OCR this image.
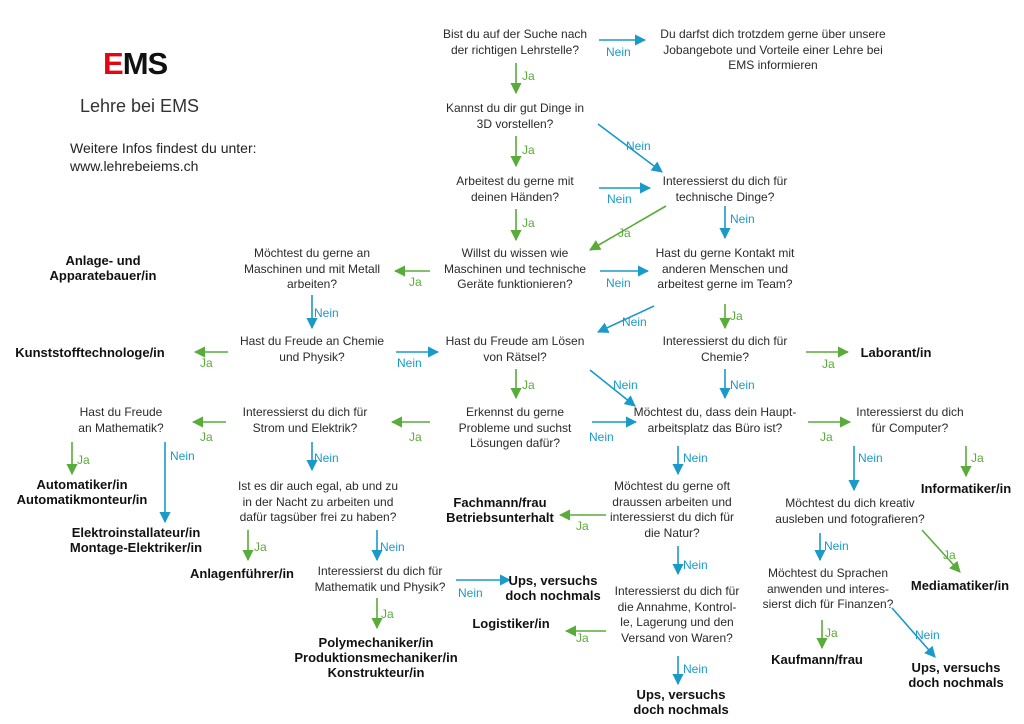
EMS
Lehre bei EMS
Weitere Infos findest du unter:
www.lehrebeiems.ch
Bist du auf der Suche nach
der richtigen Lehrstelle?
Du darfst dich trotzdem gerne über unsere
Jobangebote und Vorteile einer Lehre bei
EMS informieren
Kannst du dir gut Dinge in
3D vorstellen?
Arbeitest du gerne mit
deinen Händen?
Interessierst du dich für
technische Dinge?
Willst du wissen wie
Maschinen und technische
Geräte funktionieren?
Hast du gerne Kontakt mit
anderen Menschen und
arbeitest gerne im Team?
Möchtest du gerne an
Maschinen und mit Metall
arbeiten?
Hast du Freude an Chemie
und Physik?
Hast du Freude am Lösen
von Rätsel?
Interessierst du dich für
Chemie?
Hast du Freude
an Mathematik?
Interessierst du dich für
Strom und Elektrik?
Erkennst du gerne
Probleme und suchst
Lösungen dafür?
Möchtest du, dass dein Haupt-
arbeitsplatz das Büro ist?
Interessierst du dich
für Computer?
Ist es dir auch egal, ab und zu
in der Nacht zu arbeiten und
dafür tagsüber frei zu haben?
Möchtest du gerne oft
draussen arbeiten und
interessierst du dich für
die Natur?
Möchtest du dich kreativ
ausleben und fotografieren?
Interessierst du dich für
Mathematik und Physik?	Interessierst du dich für
die Annahme, Kontrol-
le, Lagerung und den
Versand von Waren?
Möchtest du Sprachen
anwenden und interes-
sierst dich für Finanzen?
Anlage- und
Apparatebauer/in
Kunststofftechnologe/in	Laborant/in
Automatiker/in
Automatikmonteur/in
Elektroinstallateur/in
Montage-Elektriker/in
Fachmann/frau
Betriebsunterhalt
Informatiker/in
Anlagenführer/in	Ups, versuchs
doch nochmals
Logistiker/in
Mediamatiker/in
Polymechaniker/in
Produktionsmechaniker/in
Konstrukteur/in
Kaufmann/frau
Ups, versuchs
doch nochmals
Ups, versuchs
doch nochmals
Nein
Ja
Nein
Ja
Nein
Ja	Nein
Ja
Nein
Ja
Nein	Ja
Nein
Nein
Ja	Ja
Ja	Nein
Nein
Ja	Nein	Ja
Ja
Ja	Nein	Nein	Nein	Nein	Ja
Ja	Nein
Ja
Nein
Nein
Nein
Ja
Ja
Ja
Nein
Ja	Nein
